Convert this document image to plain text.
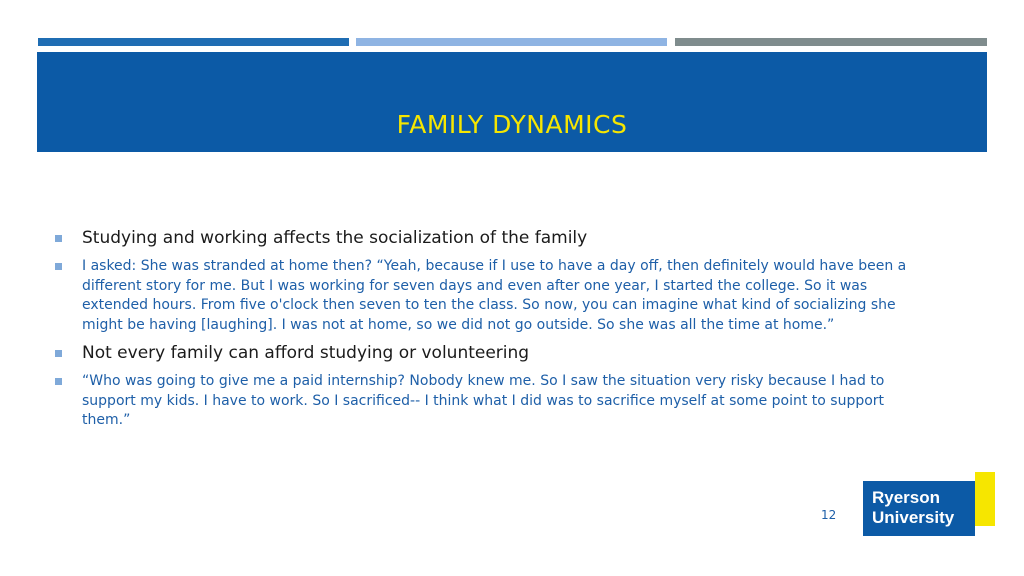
FAMILY DYNAMICS
Studying and working affects the socialization of the family
I asked: She was stranded at home then? “Yeah, because if I use to have a day off, then definitely would have been a different story for me. But I was working for seven days and even after one year, I started the college. So it was extended hours. From five o'clock then seven to ten the class. So now, you can imagine what kind of socializing she might be having [laughing]. I was not at home, so we did not go outside. So she was all the time at home.”
Not every family can afford studying or volunteering
“Who was going to give me a paid internship? Nobody knew me. So I saw the situation very risky because I had to support my kids. I have to work. So I sacrificed-- I think what I did was to sacrifice myself at some point to support them.”
12
Ryerson
University
